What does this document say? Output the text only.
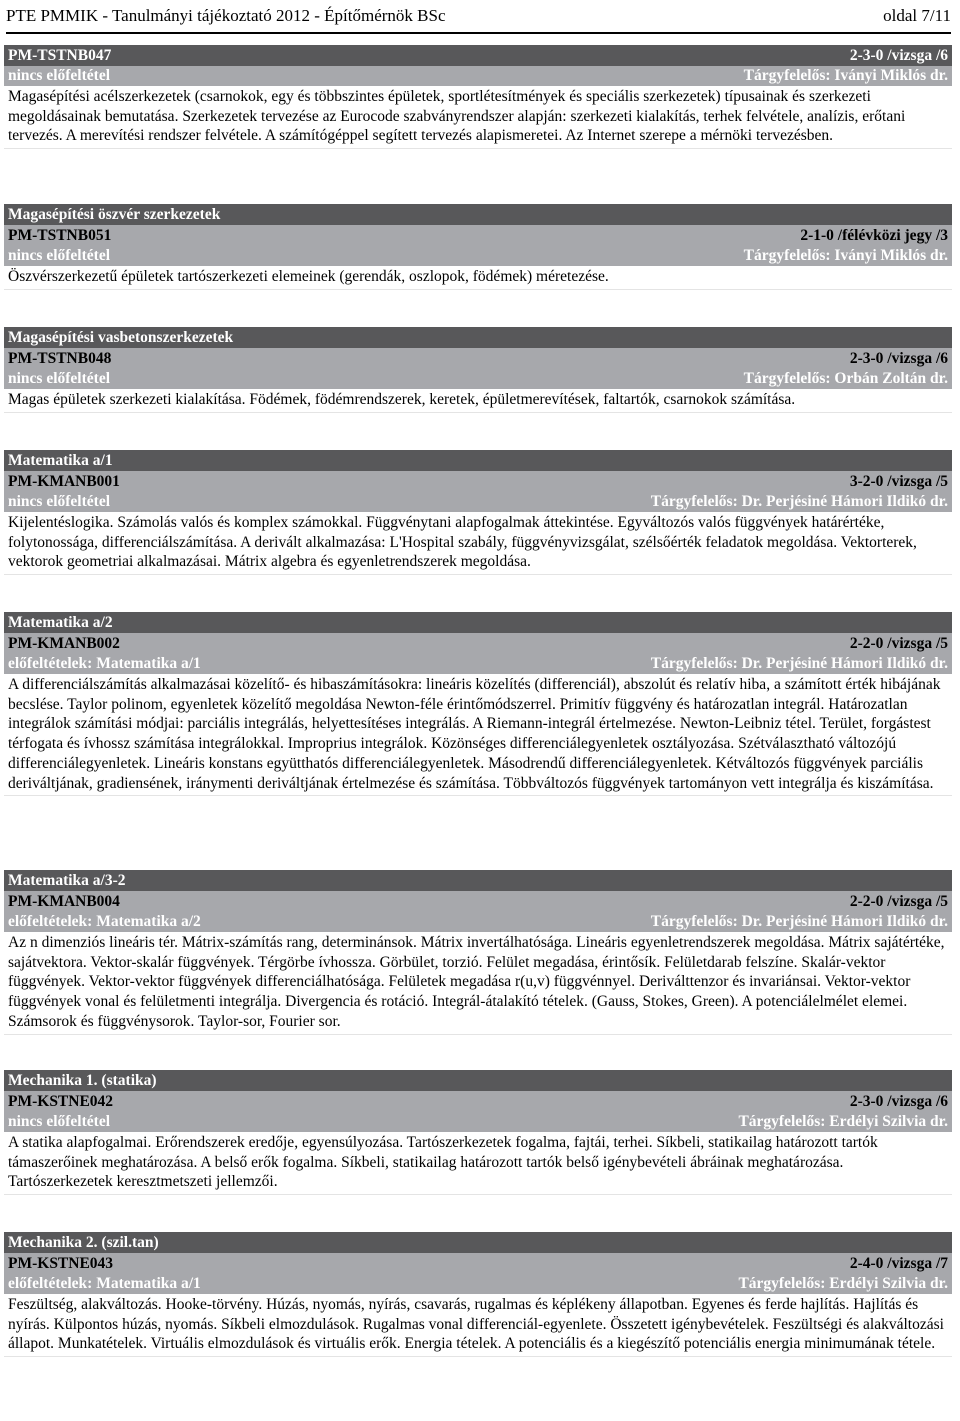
PTE PMMIK - Tanulmányi tájékoztató 2012 - Építőmérnök BSc	oldal 7/11
PM-TSTNB047	2-3-0 /vizsga /6
nincs előfeltétel	Tárgyfelelős: Iványi Miklós dr.
Magasépítési acélszerkezetek (csarnokok, egy és többszintes épületek, sportlétesítmények és speciális szerkezetek) típusainak és szerkezeti megoldásainak bemutatása. Szerkezetek tervezése az Eurocode szabványrendszer alapján: szerkezeti kialakítás, terhek felvétele, analízis, erőtani tervezés. A merevítési rendszer felvétele. A számítógéppel segített tervezés alapismeretei. Az Internet szerepe a mérnöki tervezésben.
Magasépítési öszvér szerkezetek
PM-TSTNB051	2-1-0 /félévközi jegy /3
nincs előfeltétel	Tárgyfelelős: Iványi Miklós dr.
Öszvérszerkezetű épületek tartószerkezeti elemeinek (gerendák, oszlopok, födémek) méretezése.
Magasépítési vasbetonszerkezetek
PM-TSTNB048	2-3-0 /vizsga /6
nincs előfeltétel	Tárgyfelelős: Orbán Zoltán dr.
Magas épületek szerkezeti kialakítása. Födémek, födémrendszerek, keretek, épületmerevítések, faltartók, csarnokok számítása.
Matematika a/1
PM-KMANB001	3-2-0 /vizsga /5
nincs előfeltétel	Tárgyfelelős: Dr. Perjésiné Hámori Ildikó dr.
Kijelentéslogika. Számolás valós és komplex számokkal. Függvénytani alapfogalmak áttekintése. Egyváltozós valós függvények határértéke, folytonossága, differenciálszámítása. A derivált alkalmazása: L'Hospital szabály, függvényvizsgálat, szélsőérték feladatok megoldása. Vektorterek, vektorok geometriai alkalmazásai. Mátrix algebra és egyenletrendszerek megoldása.
Matematika a/2
PM-KMANB002	2-2-0 /vizsga /5
előfeltételek: Matematika a/1	Tárgyfelelős: Dr. Perjésiné Hámori Ildikó dr.
A differenciálszámítás alkalmazásai közelítő- és hibaszámításokra: lineáris közelítés (differenciál), abszolút és relatív hiba, a számított érték hibájának becslése. Taylor polinom, egyenletek közelítő megoldása Newton-féle érintőmódszerrel. Primitív függvény és határozatlan integrál. Határozatlan integrálok számítási módjai: parciális integrálás, helyettesítéses integrálás. A Riemann-integrál értelmezése. Newton-Leibniz tétel. Terület, forgástest térfogata és ívhossz számítása integrálokkal. Improprius integrálok. Közönséges differenciálegyenletek osztályozása. Szétválasztható változójú differenciálegyenletek. Lineáris konstans együtthatós differenciálegyenletek. Másodrendű differenciálegyenletek. Kétváltozós függvények parciális deriváltjának, gradiensének, iránymenti deriváltjának értelmezése és számítása. Többváltozós függvények tartományon vett integrálja és kiszámítása.
Matematika a/3-2
PM-KMANB004	2-2-0 /vizsga /5
előfeltételek: Matematika a/2	Tárgyfelelős: Dr. Perjésiné Hámori Ildikó dr.
Az n dimenziós lineáris tér. Mátrix-számítás rang, determinánsok. Mátrix invertálhatósága. Lineáris egyenletrendszerek megoldása. Mátrix sajátértéke, sajátvektora. Vektor-skalár függvények. Térgörbe ívhossza. Görbület, torzió. Felület megadása, érintősík. Felületdarab felszíne. Skalár-vektor függvények. Vektor-vektor függvények differenciálhatósága. Felületek megadása r(u,v) függvénnyel. Deriválttenzor és invariánsai. Vektor-vektor függvények vonal és felületmenti integrálja. Divergencia és rotáció. Integrál-átalakító tételek. (Gauss, Stokes, Green). A potenciálelmélet elemei. Számsorok és függvénysorok. Taylor-sor, Fourier sor.
Mechanika 1. (statika)
PM-KSTNE042	2-3-0 /vizsga /6
nincs előfeltétel	Tárgyfelelős: Erdélyi Szilvia dr.
A statika alapfogalmai. Erőrendszerek eredője, egyensúlyozása. Tartószerkezetek fogalma, fajtái, terhei. Síkbeli, statikailag határozott tartók támaszerőinek meghatározása. A belső erők fogalma. Síkbeli, statikailag határozott tartók belső igénybevételi ábráinak meghatározása. Tartószerkezetek keresztmetszeti jellemzői.
Mechanika 2. (szil.tan)
PM-KSTNE043	2-4-0 /vizsga /7
előfeltételek: Matematika a/1	Tárgyfelelős: Erdélyi Szilvia dr.
Feszültség, alakváltozás. Hooke-törvény. Húzás, nyomás, nyírás, csavarás, rugalmas és képlékeny állapotban. Egyenes és ferde hajlítás. Hajlítás és nyírás. Külpontos húzás, nyomás. Síkbeli elmozdulások. Rugalmas vonal differenciál-egyenlete. Összetett igénybevételek. Feszültségi és alakváltozási állapot. Munkatételek. Virtuális elmozdulások és virtuális erők. Energia tételek. A potenciális és a kiegészítő potenciális energia minimumának tétele.
